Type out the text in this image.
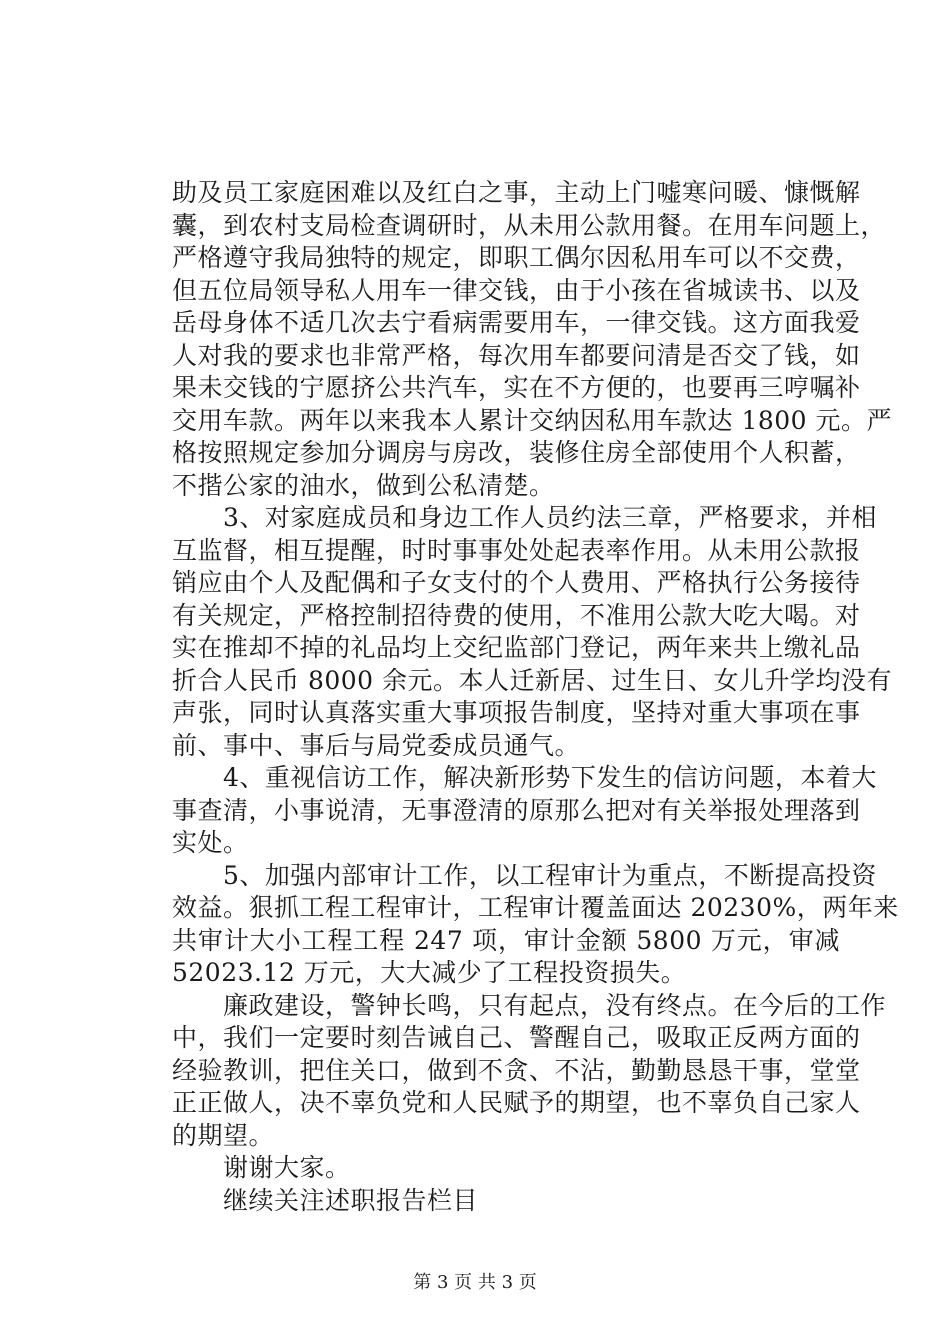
助及员工家庭困难以及红白之事，主动上门嘘寒问暖、慷慨解
囊，到农村支局检查调研时，从未用公款用餐。在用车问题上，
严格遵守我局独特的规定，即职工偶尔因私用车可以不交费，
但五位局领导私人用车一律交钱，由于小孩在省城读书、以及
岳母身体不适几次去宁看病需要用车，一律交钱。这方面我爱
人对我的要求也非常严格，每次用车都要问清是否交了钱，如
果未交钱的宁愿挤公共汽车，实在不方便的，也要再三哼嘱补
交用车款。两年以来我本人累计交纳因私用车款达 1800 元。严
格按照规定参加分调房与房改，装修住房全部使用个人积蓄，
不揩公家的油水，做到公私清楚。
　　3、对家庭成员和身边工作人员约法三章，严格要求，并相
互监督，相互提醒，时时事事处处起表率作用。从未用公款报
销应由个人及配偶和子女支付的个人费用、严格执行公务接待
有关规定，严格控制招待费的使用，不准用公款大吃大喝。对
实在推却不掉的礼品均上交纪监部门登记，两年来共上缴礼品
折合人民币 8000 余元。本人迁新居、过生日、女儿升学均没有
声张，同时认真落实重大事项报告制度，坚持对重大事项在事
前、事中、事后与局党委成员通气。
　　4、重视信访工作，解决新形势下发生的信访问题，本着大
事查清，小事说清，无事澄清的原那么把对有关举报处理落到
实处。
　　5、加强内部审计工作，以工程审计为重点，不断提高投资
效益。狠抓工程工程审计，工程审计覆盖面达 20230%，两年来
共审计大小工程工程 247 项，审计金额 5800 万元，审减
52023.12 万元，大大减少了工程投资损失。
　　廉政建设，警钟长鸣，只有起点，没有终点。在今后的工作
中，我们一定要时刻告诫自己、警醒自己，吸取正反两方面的
经验教训，把住关口，做到不贪、不沾，勤勤恳恳干事，堂堂
正正做人，决不辜负党和人民赋予的期望，也不辜负自己家人
的期望。
　　谢谢大家。
　　继续关注述职报告栏目
第 3 页 共 3 页
